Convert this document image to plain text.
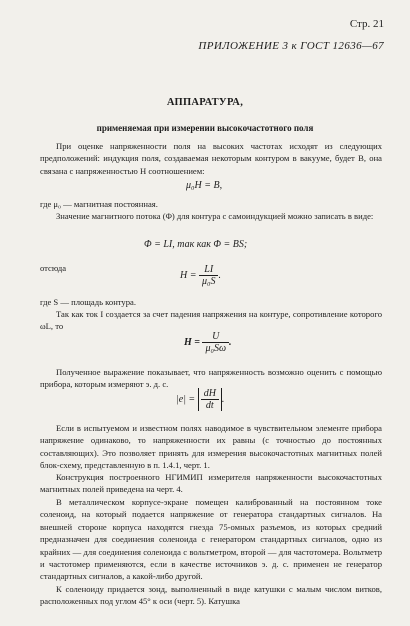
Стр. 21
ПРИЛОЖЕНИЕ 3 к ГОСТ 12636—67
АППАРАТУРА,
применяемая при измерении высокочастотного поля
При оценке напряженности поля на высоких частотах исходят из следующих предположений: индукция поля, создаваемая некоторым контуром в вакууме, будет B, она связана с напряженностью H соотношением:
μ₀H = B,
где μ₀ — магнитная постоянная.
Значение магнитного потока (Φ) для контура с самоиндукцией можно записать в виде:
Φ = LI, так как Φ = BS;
отсюда
$H = \frac{LI}{\text{μ₀S}}$ .
где S — площадь контура.
Так как ток I создается за счет падения напряжения на контуре, сопротивление которого ωL, то
$H = \frac{U}{\text{μ₀Sω}}$ .
Полученное выражение показывает, что напряженность возможно оценить с помощью прибора, которым измеряют э. д. с.
$|e| = \frac{dH}{dt}$ .
Если в испытуемом и известном полях наводимое в чувствительном элементе прибора напряжение одинаково, то напряженности их равны (с точностью до постоянных составляющих). Это позволяет принять для измерения высокочастотных магнитных полей блок-схему, представленную в п. 1.4.1, черт. 1.
Конструкция построенного НГИМИП измерителя напряженности высокочастотных магнитных полей приведена на черт. 4.
В металлическом корпусе-экране помещен калиброванный на постоянном токе соленоид, на который подается напряжение от генератора стандартных сигналов. На внешней стороне корпуса находятся гнезда 75-омных разъемов, из которых средний предназначен для соединения соленоида с генератором стандартных сигналов, одно из крайних — для соединения соленоида с вольтметром, второй — для частотомера. Вольтметр и частотомер применяются, если в качестве источников э. д. с. применен не генератор стандартных сигналов, а какой-либо другой.
К соленоиду придается зонд, выполненный в виде катушки с малым числом витков, расположенных под углом 45° к оси (черт. 5). Катушка
